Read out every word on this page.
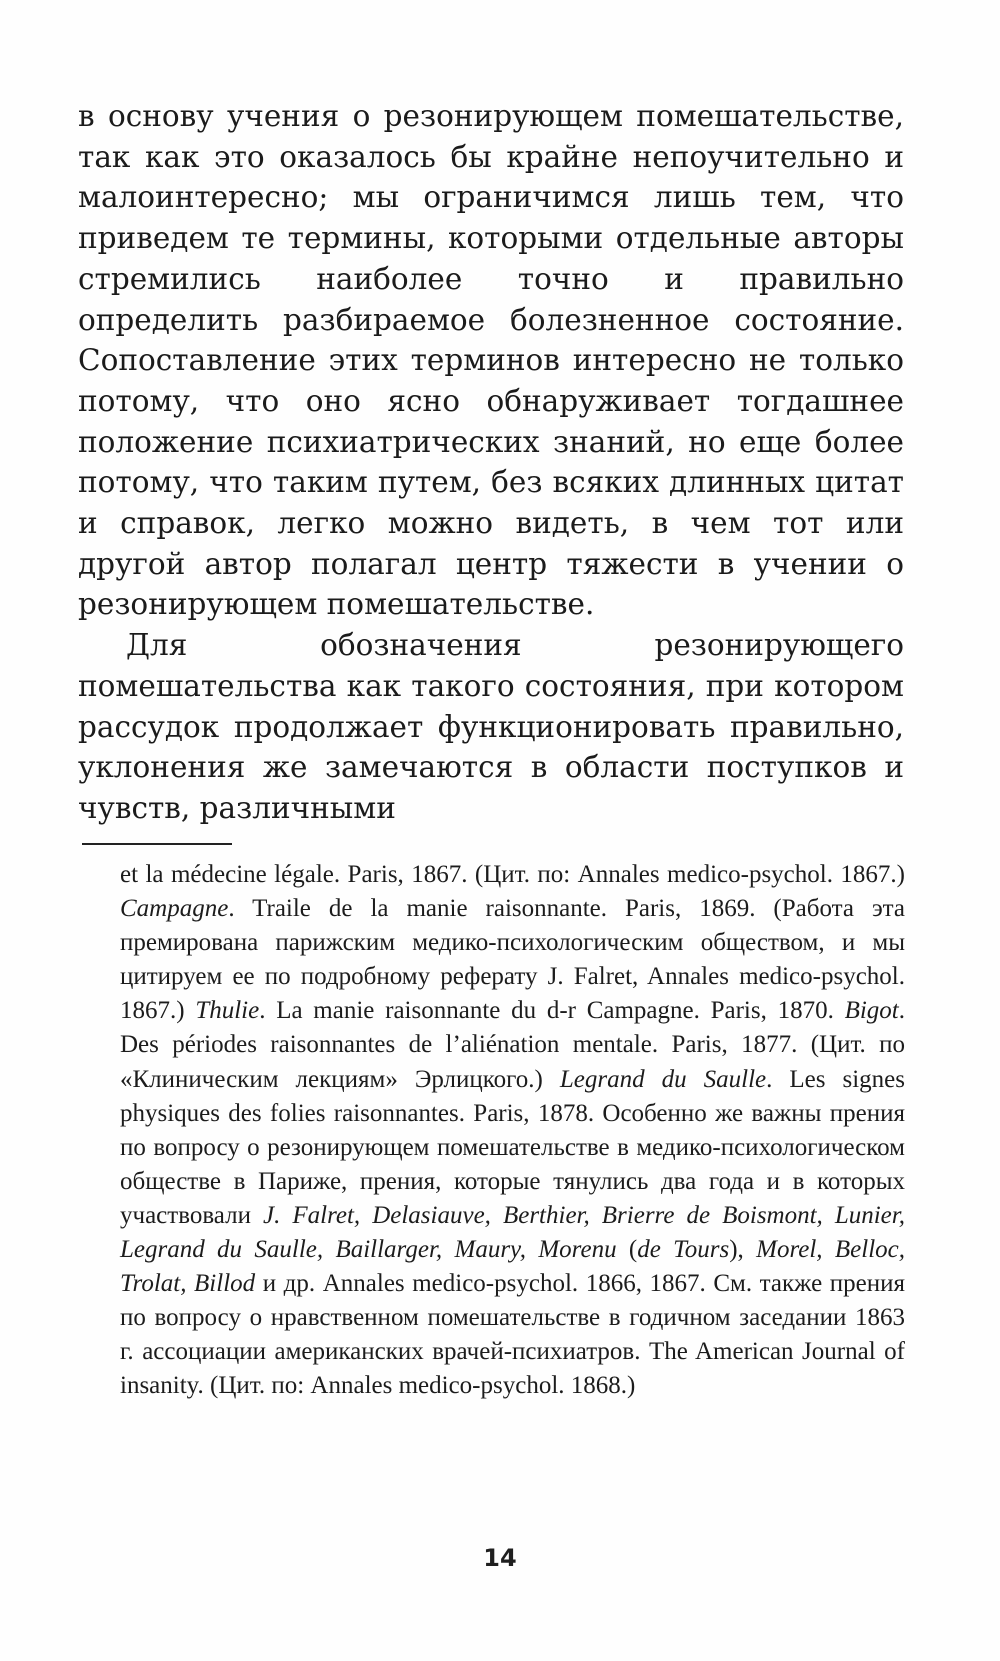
в основу учения о резонирующем помешательстве, так как это оказалось бы крайне непоучительно и малоинтересно; мы ограничимся лишь тем, что приведем те термины, которыми отдельные авторы стремились наиболее точно и правильно определить разбираемое болезненное состояние. Сопоставление этих терминов интересно не только потому, что оно ясно обнаруживает тогдашнее положение психиатрических знаний, но еще более потому, что таким путем, без всяких длинных цитат и справок, легко можно видеть, в чем тот или другой автор полагал центр тяжести в учении о резонирующем помешательстве.

Для обозначения резонирующего помешательства как такого состояния, при котором рассудок продолжает функционировать правильно, уклонения же замечаются в области поступков и чувств, различными

et la médecine légale. Paris, 1867. (Цит. по: Annales medico-psychol. 1867.) Campagne. Traile de la manie raisonnante. Paris, 1869. (Работа эта премирована парижским медико-психологическим обществом, и мы цитируем ее по подробному реферату J. Falret, Annales medico-psychol. 1867.) Thulie. La manie raisonnante du d-r Campagne. Paris, 1870. Bigot. Des périodes raisonnantes de l’aliénation mentale. Paris, 1877. (Цит. по «Клиническим лекциям» Эрлицкого.) Legrand du Saulle. Les signes physiques des folies raisonnantes. Paris, 1878. Особенно же важны прения по вопросу о резонирующем помешательстве в медико-психологическом обществе в Париже, прения, которые тянулись два года и в которых участвовали J. Falret, Delasiauve, Berthier, Brierre de Boismont, Lunier, Legrand du Saulle, Baillarger, Maury, Morenu (de Tours), Morel, Belloc, Trolat, Billod и др. Annales medico-psychol. 1866, 1867. См. также прения по вопросу о нравственном помешательстве в годичном заседании 1863 г. ассоциации американских врачей-психиатров. The American Journal of insanity. (Цит. по: Annales medico-psychol. 1868.)

14
